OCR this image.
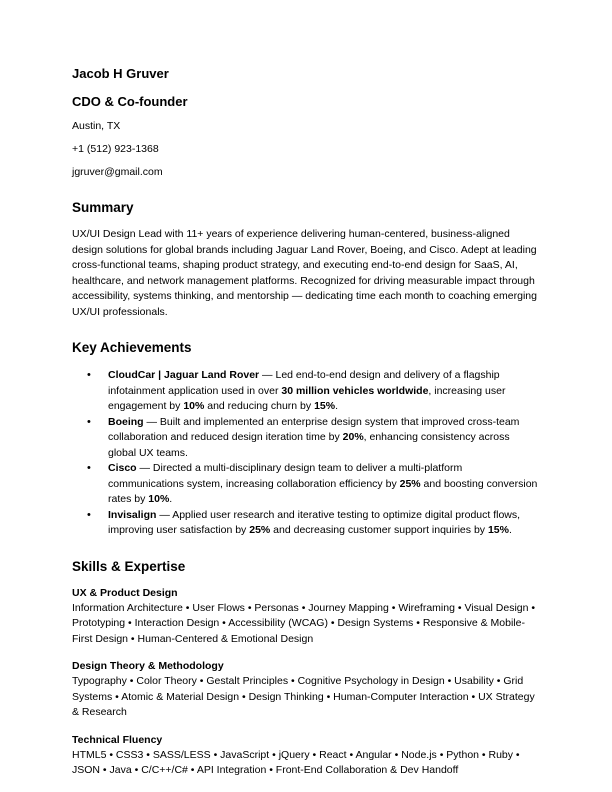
Jacob H Gruver
CDO & Co-founder

Austin, TX

+1 (512) 923-1368

jgruver@gmail.com

Summary

UX/UI Design Lead with 11+ years of experience delivering human-centered, business-aligned design solutions for global brands including Jaguar Land Rover, Boeing, and Cisco. Adept at leading cross-functional teams, shaping product strategy, and executing end-to-end design for SaaS, AI, healthcare, and network management platforms. Recognized for driving measurable impact through accessibility, systems thinking, and mentorship — dedicating time each month to coaching emerging UX/UI professionals.

Key Achievements
• CloudCar | Jaguar Land Rover — Led end-to-end design and delivery of a flagship infotainment application used in over 30 million vehicles worldwide, increasing user engagement by 10% and reducing churn by 15%.
• Boeing — Built and implemented an enterprise design system that improved cross-team collaboration and reduced design iteration time by 20%, enhancing consistency across global UX teams.
• Cisco — Directed a multi-disciplinary design team to deliver a multi-platform communications system, increasing collaboration efficiency by 25% and boosting conversion rates by 10%.
• Invisalign — Applied user research and iterative testing to optimize digital product flows, improving user satisfaction by 25% and decreasing customer support inquiries by 15%.
Skills & Expertise

UX & Product Design

Information Architecture • User Flows • Personas • Journey Mapping • Wireframing • Visual Design • Prototyping • Interaction Design • Accessibility (WCAG) • Design Systems • Responsive & Mobile-First Design • Human-Centered & Emotional Design

Design Theory & Methodology

Typography • Color Theory • Gestalt Principles • Cognitive Psychology in Design • Usability • Grid Systems • Atomic & Material Design • Design Thinking • Human-Computer Interaction • UX Strategy & Research

Technical Fluency

HTML5 • CSS3 • SASS/LESS • JavaScript • jQuery • React • Angular • Node.js • Python • Ruby • JSON • Java • C/C++/C# • API Integration • Front-End Collaboration & Dev Handoff
